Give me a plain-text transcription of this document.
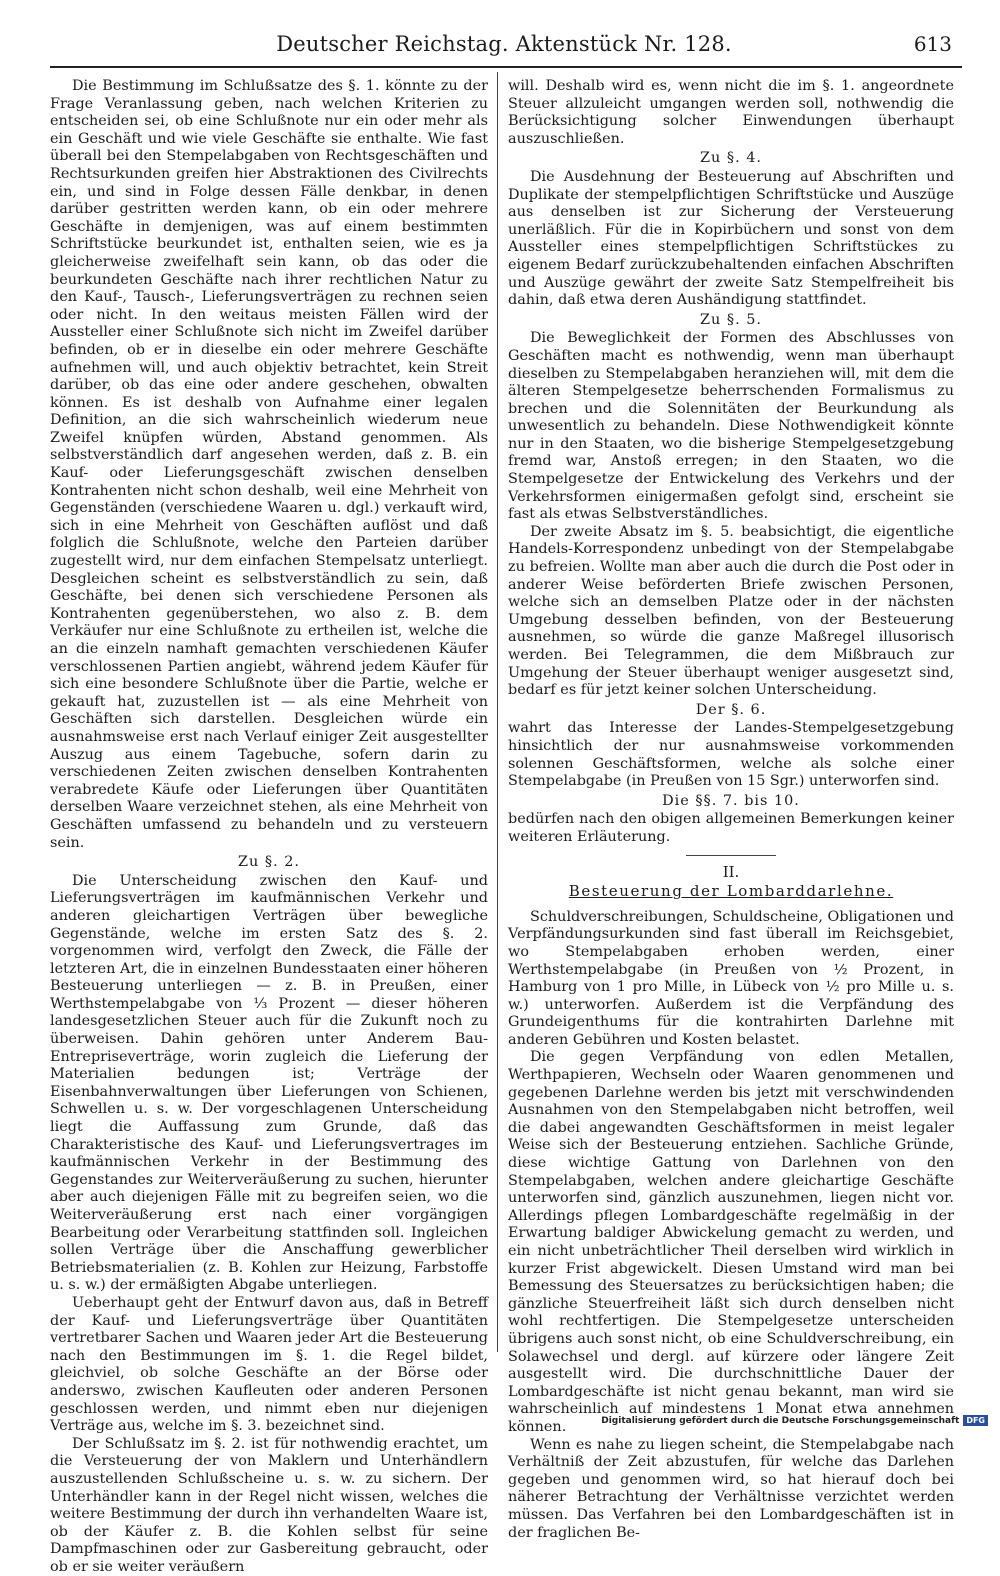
Deutscher Reichstag. Aktenstück Nr. 128.	613

Die Bestimmung im Schlußsatze des §. 1. könnte zu der Frage Veranlassung geben, nach welchen Kriterien zu entscheiden sei, ob eine Schlußnote nur ein oder mehr als ein Geschäft und wie viele Geschäfte sie enthalte. Wie fast überall bei den Stempelabgaben von Rechtsgeschäften und Rechtsurkunden greifen hier Abstraktionen des Civilrechts ein, und sind in Folge dessen Fälle denkbar, in denen darüber gestritten werden kann, ob ein oder mehrere Geschäfte in demjenigen, was auf einem bestimmten Schriftstücke beurkundet ist, enthalten seien, wie es ja gleicherweise zweifelhaft sein kann, ob das oder die beurkundeten Geschäfte nach ihrer rechtlichen Natur zu den Kauf-, Tausch-, Lieferungsverträgen zu rechnen seien oder nicht. In den weitaus meisten Fällen wird der Aussteller einer Schlußnote sich nicht im Zweifel darüber befinden, ob er in dieselbe ein oder mehrere Geschäfte aufnehmen will, und auch objektiv betrachtet, kein Streit darüber, ob das eine oder andere geschehen, obwalten können. Es ist deshalb von Aufnahme einer legalen Definition, an die sich wahrscheinlich wiederum neue Zweifel knüpfen würden, Abstand genommen. Als selbstverständlich darf angesehen werden, daß z. B. ein Kauf- oder Lieferungsgeschäft zwischen denselben Kontrahenten nicht schon deshalb, weil eine Mehrheit von Gegenständen (verschiedene Waaren u. dgl.) verkauft wird, sich in eine Mehrheit von Geschäften auflöst und daß folglich die Schlußnote, welche den Parteien darüber zugestellt wird, nur dem einfachen Stempelsatz unterliegt. Desgleichen scheint es selbstverständlich zu sein, daß Geschäfte, bei denen sich verschiedene Personen als Kontrahenten gegenüberstehen, wo also z. B. dem Verkäufer nur eine Schlußnote zu ertheilen ist, welche die an die einzeln namhaft gemachten verschiedenen Käufer verschlossenen Partien angiebt, während jedem Käufer für sich eine besondere Schlußnote über die Partie, welche er gekauft hat, zuzustellen ist — als eine Mehrheit von Geschäften sich darstellen. Desgleichen würde ein ausnahmsweise erst nach Verlauf einiger Zeit ausgestellter Auszug aus einem Tagebuche, sofern darin zu verschiedenen Zeiten zwischen denselben Kontrahenten verabredete Käufe oder Lieferungen über Quantitäten derselben Waare verzeichnet stehen, als eine Mehrheit von Geschäften umfassend zu behandeln und zu versteuern sein.

Zu §. 2.

Die Unterscheidung zwischen den Kauf- und Lieferungsverträgen im kaufmännischen Verkehr und anderen gleichartigen Verträgen über bewegliche Gegenstände, welche im ersten Satz des §. 2. vorgenommen wird, verfolgt den Zweck, die Fälle der letzteren Art, die in einzelnen Bundesstaaten einer höheren Besteuerung unterliegen — z. B. in Preußen, einer Werthstempelabgabe von ⅓ Prozent — dieser höheren landesgesetzlichen Steuer auch für die Zukunft noch zu überweisen. Dahin gehören unter Anderem Bau-Entrepriseverträge, worin zugleich die Lieferung der Materialien bedungen ist; Verträge der Eisenbahnverwaltungen über Lieferungen von Schienen, Schwellen u. s. w. Der vorgeschlagenen Unterscheidung liegt die Auffassung zum Grunde, daß das Charakteristische des Kauf- und Lieferungsvertrages im kaufmännischen Verkehr in der Bestimmung des Gegenstandes zur Weiterveräußerung zu suchen, hierunter aber auch diejenigen Fälle mit zu begreifen seien, wo die Weiterveräußerung erst nach einer vorgängigen Bearbeitung oder Verarbeitung stattfinden soll. Ingleichen sollen Verträge über die Anschaffung gewerblicher Betriebsmaterialien (z. B. Kohlen zur Heizung, Farbstoffe u. s. w.) der ermäßigten Abgabe unterliegen.

Ueberhaupt geht der Entwurf davon aus, daß in Betreff der Kauf- und Lieferungsverträge über Quantitäten vertretbarer Sachen und Waaren jeder Art die Besteuerung nach den Bestimmungen im §. 1. die Regel bildet, gleichviel, ob solche Geschäfte an der Börse oder anderswo, zwischen Kaufleuten oder anderen Personen geschlossen werden, und nimmt eben nur diejenigen Verträge aus, welche im §. 3. bezeichnet sind.

Der Schlußsatz im §. 2. ist für nothwendig erachtet, um die Versteuerung der von Maklern und Unterhändlern auszustellenden Schlußscheine u. s. w. zu sichern. Der Unterhändler kann in der Regel nicht wissen, welches die weitere Bestimmung der durch ihn verhandelten Waare ist, ob der Käufer z. B. die Kohlen selbst für seine Dampfmaschinen oder zur Gasbereitung gebraucht, oder ob er sie weiter veräußern

will. Deshalb wird es, wenn nicht die im §. 1. angeordnete Steuer allzuleicht umgangen werden soll, nothwendig die Berücksichtigung solcher Einwendungen überhaupt auszuschließen.

Zu §. 4.

Die Ausdehnung der Besteuerung auf Abschriften und Duplikate der stempelpflichtigen Schriftstücke und Auszüge aus denselben ist zur Sicherung der Versteuerung unerläßlich. Für die in Kopirbüchern und sonst von dem Aussteller eines stempelpflichtigen Schriftstückes zu eigenem Bedarf zurückzubehaltenden einfachen Abschriften und Auszüge gewährt der zweite Satz Stempelfreiheit bis dahin, daß etwa deren Aushändigung stattfindet.

Zu §. 5.

Die Beweglichkeit der Formen des Abschlusses von Geschäften macht es nothwendig, wenn man überhaupt dieselben zu Stempelabgaben heranziehen will, mit dem die älteren Stempelgesetze beherrschenden Formalismus zu brechen und die Solennitäten der Beurkundung als unwesentlich zu behandeln. Diese Nothwendigkeit könnte nur in den Staaten, wo die bisherige Stempelgesetzgebung fremd war, Anstoß erregen; in den Staaten, wo die Stempelgesetze der Entwickelung des Verkehrs und der Verkehrsformen einigermaßen gefolgt sind, erscheint sie fast als etwas Selbstverständliches.

Der zweite Absatz im §. 5. beabsichtigt, die eigentliche Handels-Korrespondenz unbedingt von der Stempelabgabe zu befreien. Wollte man aber auch die durch die Post oder in anderer Weise beförderten Briefe zwischen Personen, welche sich an demselben Platze oder in der nächsten Umgebung desselben befinden, von der Besteuerung ausnehmen, so würde die ganze Maßregel illusorisch werden. Bei Telegrammen, die dem Mißbrauch zur Umgehung der Steuer überhaupt weniger ausgesetzt sind, bedarf es für jetzt keiner solchen Unterscheidung.

Der §. 6.

wahrt das Interesse der Landes-Stempelgesetzgebung hinsichtlich der nur ausnahmsweise vorkommenden solennen Geschäftsformen, welche als solche einer Stempelabgabe (in Preußen von 15 Sgr.) unterworfen sind.

Die §§. 7. bis 10.

bedürfen nach den obigen allgemeinen Bemerkungen keiner weiteren Erläuterung.

II.
Besteuerung der Lombarddarlehne.

Schuldverschreibungen, Schuldscheine, Obligationen und Verpfändungsurkunden sind fast überall im Reichsgebiet, wo Stempelabgaben erhoben werden, einer Werthstempelabgabe (in Preußen von ½ Prozent, in Hamburg von 1 pro Mille, in Lübeck von ½ pro Mille u. s. w.) unterworfen. Außerdem ist die Verpfändung des Grundeigenthums für die kontrahirten Darlehne mit anderen Gebühren und Kosten belastet.

Die gegen Verpfändung von edlen Metallen, Werthpapieren, Wechseln oder Waaren genommenen und gegebenen Darlehne werden bis jetzt mit verschwindenden Ausnahmen von den Stempelabgaben nicht betroffen, weil die dabei angewandten Geschäftsformen in meist legaler Weise sich der Besteuerung entziehen. Sachliche Gründe, diese wichtige Gattung von Darlehnen von den Stempelabgaben, welchen andere gleichartige Geschäfte unterworfen sind, gänzlich auszunehmen, liegen nicht vor. Allerdings pflegen Lombardgeschäfte regelmäßig in der Erwartung baldiger Abwickelung gemacht zu werden, und ein nicht unbeträchtlicher Theil derselben wird wirklich in kurzer Frist abgewickelt. Diesen Umstand wird man bei Bemessung des Steuersatzes zu berücksichtigen haben; die gänzliche Steuerfreiheit läßt sich durch denselben nicht wohl rechtfertigen. Die Stempelgesetze unterscheiden übrigens auch sonst nicht, ob eine Schuldverschreibung, ein Solawechsel und dergl. auf kürzere oder längere Zeit ausgestellt wird. Die durchschnittliche Dauer der Lombardgeschäfte ist nicht genau bekannt, man wird sie wahrscheinlich auf mindestens 1 Monat etwa annehmen können.

Wenn es nahe zu liegen scheint, die Stempelabgabe nach Verhältniß der Zeit abzustufen, für welche das Darlehen gegeben und genommen wird, so hat hierauf doch bei näherer Betrachtung der Verhältnisse verzichtet werden müssen. Das Verfahren bei den Lombardgeschäften ist in der fraglichen Be-

Digitalisierung gefördert durch die Deutsche Forschungsgemeinschaft DFG
